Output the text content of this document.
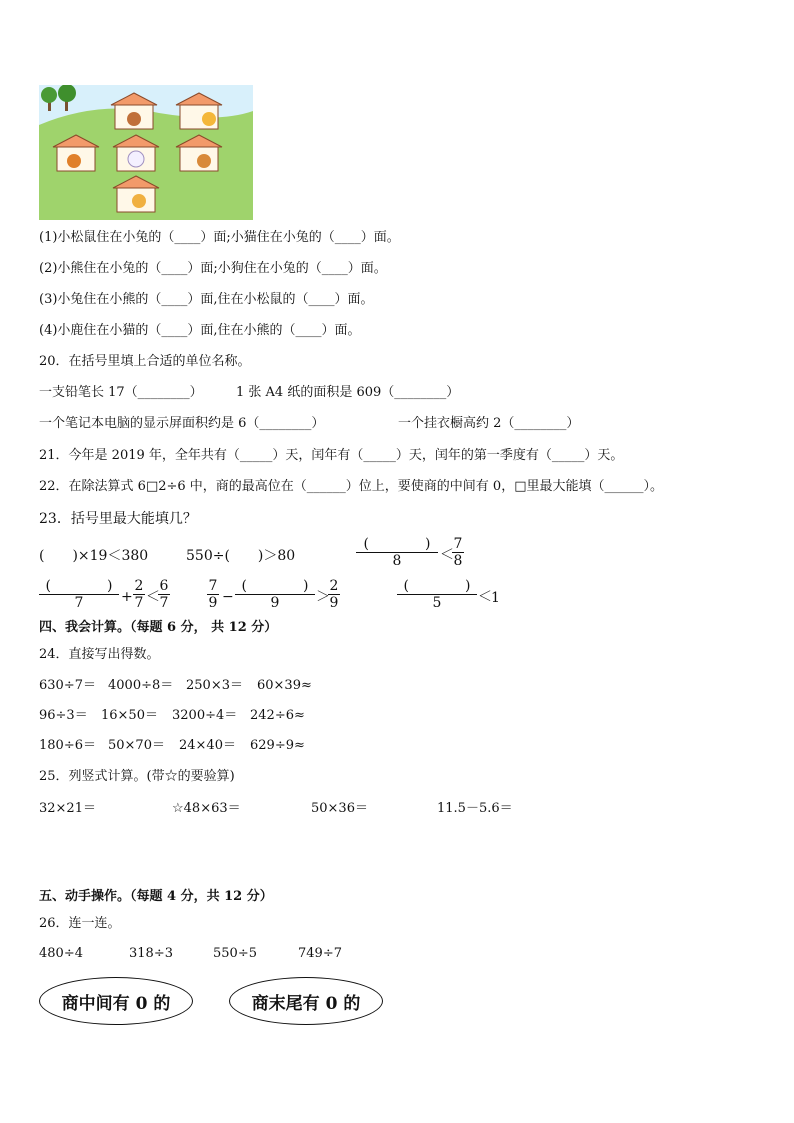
(1)小松鼠住在小兔的（____）面;小猫住在小兔的（____）面。
(2)小熊住在小兔的（____）面;小狗住在小兔的（____）面。
(3)小兔住在小熊的（____）面,住在小松鼠的（____）面。
(4)小鹿住在小猫的（____）面,住在小熊的（____）面。
20．在括号里填上合适的单位名称。
一支铅笔长 17（________）	1 张 A4 纸的面积是 609（________）
一个笔记本电脑的显示屏面积约是 6（________）	一个挂衣橱高约 2（________）
21．今年是 2019 年，全年共有（_____）天，闰年有（_____）天，闰年的第一季度有（_____）天。
22．在除法算式 6□2÷6 中，商的最高位在（______）位上，要使商的中间有 0，□里最大能填（______）。
23．括号里最大能填几？
(　　)×19＜380	550÷(　　)＞80
(　　　　)
8	＜
$\frac{7}{8}$
(　　　　)
7	+ $\frac{2}{7}$ ＜
$\frac{6}{7}$	$\frac{7}{9}$ −
(　　　　)
9	＞
$\frac{2}{9}$	(　　　　)
5	＜ 1
四、我会计算。（每题 6 分， 共 12 分）
24．直接写出得数。
630÷7＝ 4000÷8＝ 250×3＝ 60×39≈
96÷3＝ 16×50＝ 3200÷4＝ 242÷6≈
180÷6＝ 50×70＝ 24×40＝ 629÷9≈
25．列竖式计算。(带☆的要验算)
32×21＝	☆48×63＝	50×36＝	11.5－5.6＝
五、动手操作。（每题 4 分，共 12 分）
26．连一连。
480÷4	318÷3	550÷5	749÷7
商中间有 0 的	商末尾有 0 的
